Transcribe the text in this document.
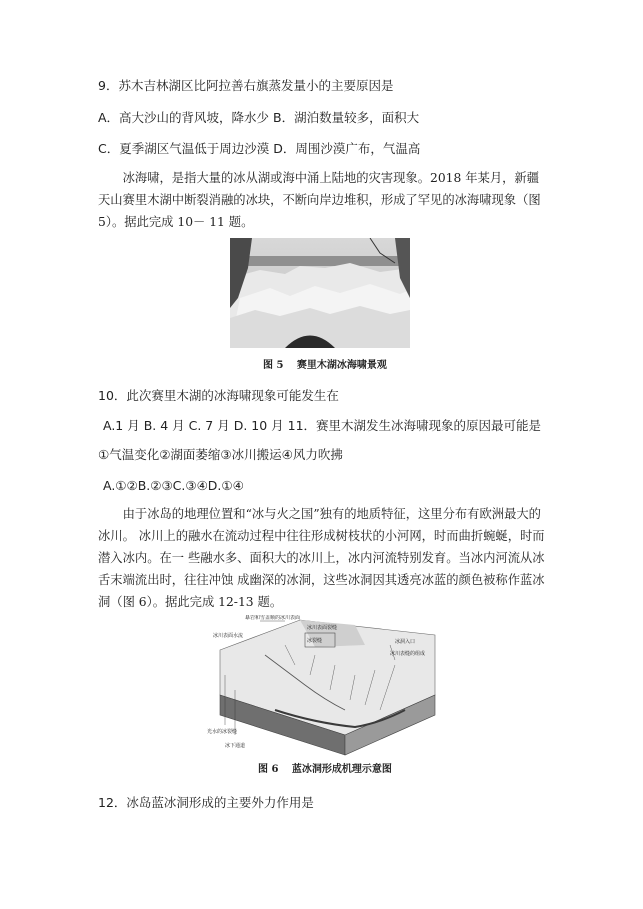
9．苏木吉林湖区比阿拉善右旗蒸发量小的主要原因是
A．高大沙山的背风坡，降水少 B．湖泊数量较多，面积大
C．夏季湖区气温低于周边沙漠 D．周围沙漠广布，气温高
冰海啸，是指大量的冰从湖或海中涌上陆地的灾害现象。2018 年某月，新疆天山赛里木湖中断裂消融的冰块，不断向岸边堆积，形成了罕见的冰海啸现象（图 5）。据此完成 10－ 11 题。
图 5　 赛里木湖冰海啸景观
10．此次赛里木湖的冰海啸现象可能发生在
A.1 月 B. 4 月 C. 7 月 D. 10 月 11．赛里木湖发生冰海啸现象的原因最可能是
①气温变化②湖面萎缩③冰川搬运④风力吹拂
A.①②B.②③C.③④D.①④
由于冰岛的地理位置和“冰与火之国”独有的地质特征，这里分布有欧洲最大的冰川。 冰川上的融水在流动过程中往往形成树枝状的小河网，时而曲折蜿蜒，时而潜入冰内。在一 些融水多、面积大的冰川上，冰内河流特别发育。当冰内河流从冰舌末端流出时，往往冲蚀 成幽深的冰洞，这些冰洞因其透亮冰蓝的颜色被称作蓝冰洞（图 6）。据此完成 12-13 题。
暴岩和雪盖顺的冰川表面
冰川表面水流
冰川表面裂缝
冰裂缝	冰洞入口
冰川表缝的组成
光水的冰裂缝
冰下通道
图 6　 蓝冰洞形成机理示意图
12．冰岛蓝冰洞形成的主要外力作用是
